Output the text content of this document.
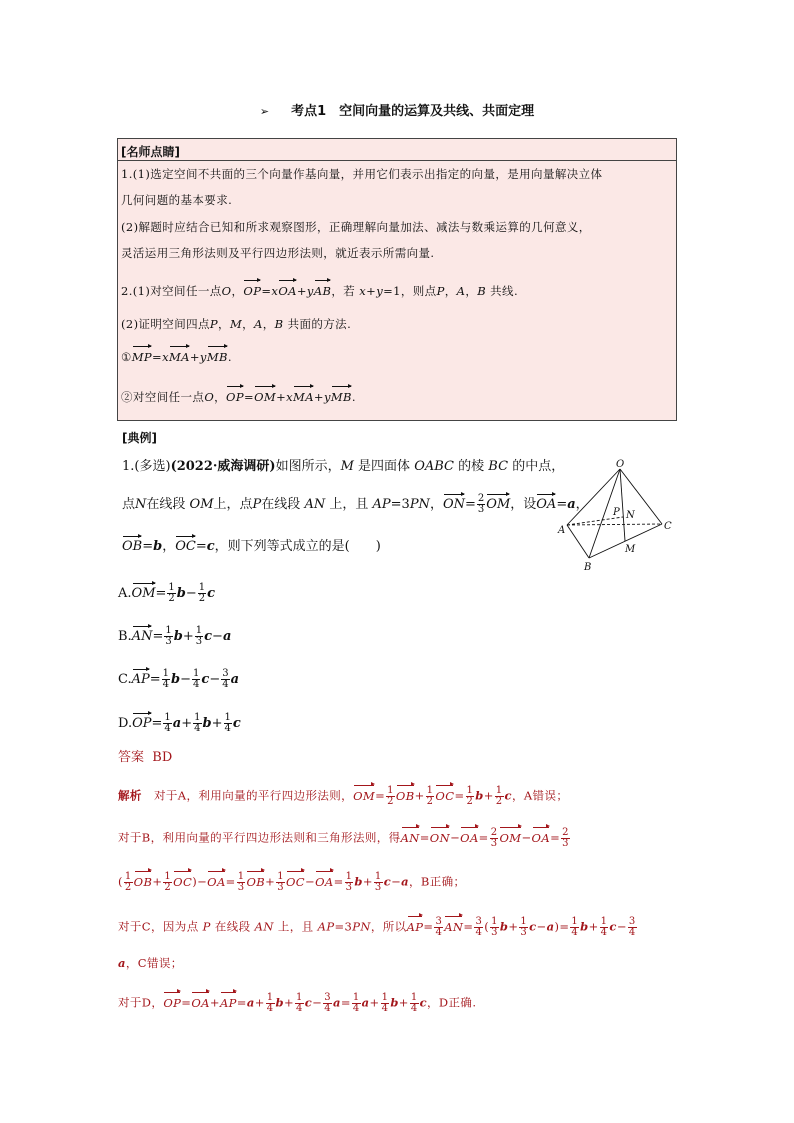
➢ 考点1　空间向量的运算及共线、共面定理
[名师点睛]
1.(1)选定空间不共面的三个向量作基向量，并用它们表示出指定的向量，是用向量解决立体
几何问题的基本要求.
(2)解题时应结合已知和所求观察图形，正确理解向量加法、减法与数乘运算的几何意义，
灵活运用三角形法则及平行四边形法则，就近表示所需向量.
2.(1)对空间任一点O，OP=xOA+yAB，若 x+y=1，则点P，A，B 共线.
(2)证明空间四点P，M，A，B 共面的方法.
①MP=xMA+yMB.
②对空间任一点O，OP=OM+xMA+yMB.
[典例]
1.(多选)(2022·威海调研)如图所示，M 是四面体 OABC 的棱 BC 的中点，
点N在线段 OM上，点P在线段 AN 上，且 AP=3PN，$ON= \frac{2}{3}$ OM，设OA=a，
OB=b，OC=c，则下列等式成立的是(　　)
$A.OM= \frac{1}{2} b- \frac{1}{2}$ c
$B.AN= \frac{1}{3} b+ \frac{1}{3} c-a$
$C.AP= \frac{1}{4} b- \frac{1}{4} c- \frac{3}{4}$ a
$D.OP= \frac{1}{4} a+ \frac{1}{4} b+ \frac{1}{4}$ c
答案 BD
解析 对于A，利用向量的平行四边形法则，$OM= \frac{1}{2} OB+ \frac{1}{2} OC= \frac{1}{2} b+ \frac{1}{2}$ c，A错误；
对于B，利用向量的平行四边形法则和三角形法则，得$AN=ON-OA= \frac{2}{3} OM-OA= \frac{2}{3}$
( $\frac{1}{2} OB+ \frac{1}{2} OC)-OA= \frac{1}{3} OB+ \frac{1}{3} OC-OA= \frac{1}{3} b+ \frac{1}{3} c-a$，B正确；
对于C，因为点 P 在线段 AN 上，且 AP=3PN，所以$AP= \frac{3}{4} AN= \frac{3}{4}$ ( $\frac{1}{3} b+ \frac{1}{3} c-a)= \frac{1}{4} b+ \frac{1}{4} c- \frac{3}{4}$
a，C错误；
对于D，$OP=OA+AP=a+ \frac{1}{4} b+ \frac{1}{4} c- \frac{3}{4} a= \frac{1}{4} a+ \frac{1}{4} b+ \frac{1}{4}$ c，D正确.
O
A
B
C
M
N
P
